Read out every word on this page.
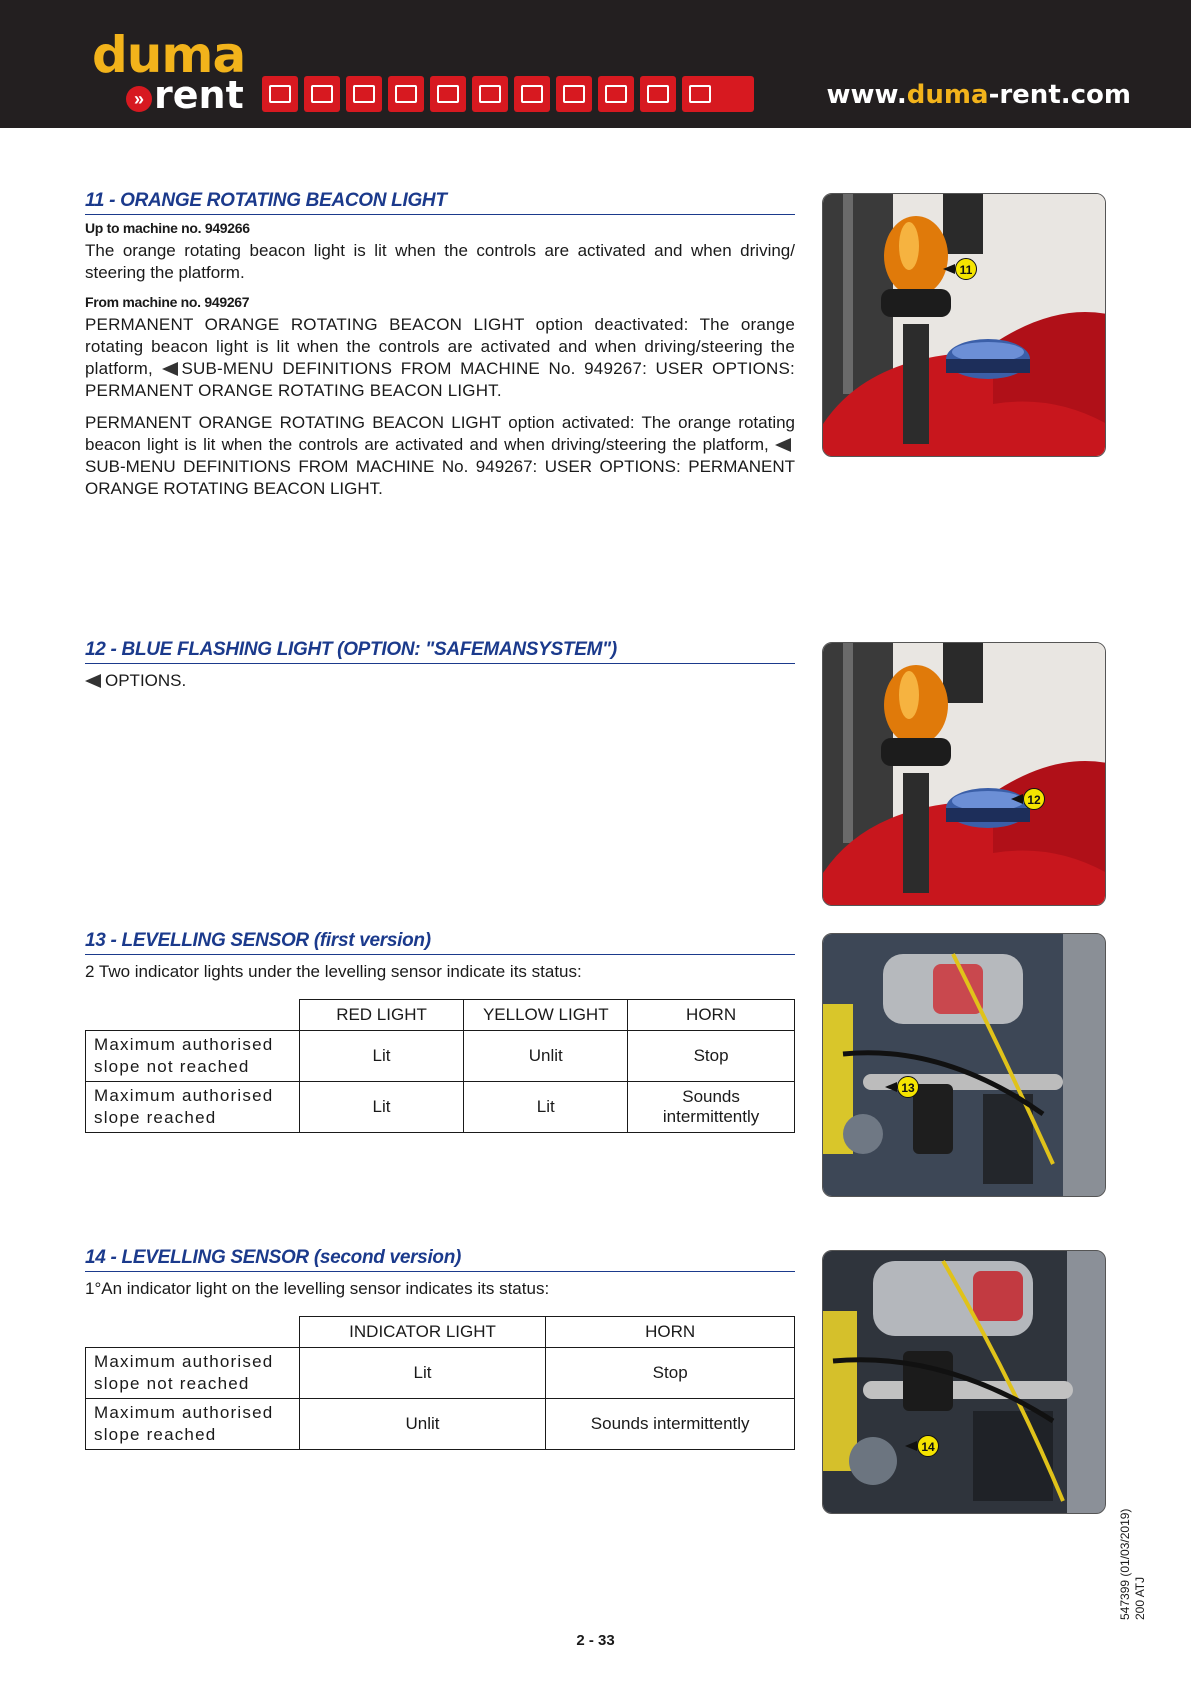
duma
» rent	www.duma-rent.com
11 - ORANGE ROTATING BEACON LIGHT
Up to machine no. 949266

The orange rotating beacon light is lit when the controls are activated and when driving/ steering the platform.

From machine no. 949267

PERMANENT ORANGE ROTATING BEACON LIGHT option deactivated: The orange rotating beacon light is lit when the controls are activated and when driving/steering the platform, SUB-MENU DEFINITIONS FROM MACHINE No. 949267: USER OPTIONS: PERMANENT ORANGE ROTATING BEACON LIGHT.

PERMANENT ORANGE ROTATING BEACON LIGHT option activated: The orange rotating beacon light is lit when the controls are activated and when driving/steering the platform, SUB-MENU DEFINITIONS FROM MACHINE No. 949267: USER OPTIONS: PERMANENT ORANGE ROTATING BEACON LIGHT.

11
12 - BLUE FLASHING LIGHT (OPTION: "SAFEMANSYSTEM")

OPTIONS.

12
13 - LEVELLING SENSOR (first version)

2 Two indicator lights under the levelling sensor indicate its status:

	RED LIGHT	YELLOW LIGHT	HORN
Maximum authorised slope not reached	Lit	Unlit	Stop
Maximum authorised slope reached	Lit	Lit	Sounds intermittently
13
14 - LEVELLING SENSOR (second version)

1°An indicator light on the levelling sensor indicates its status:

	INDICATOR LIGHT	HORN
Maximum authorised slope not reached	Lit	Stop
Maximum authorised slope reached	Unlit	Sounds intermittently
14
2 - 33
547399 (01/03/2019) 200 ATJ
